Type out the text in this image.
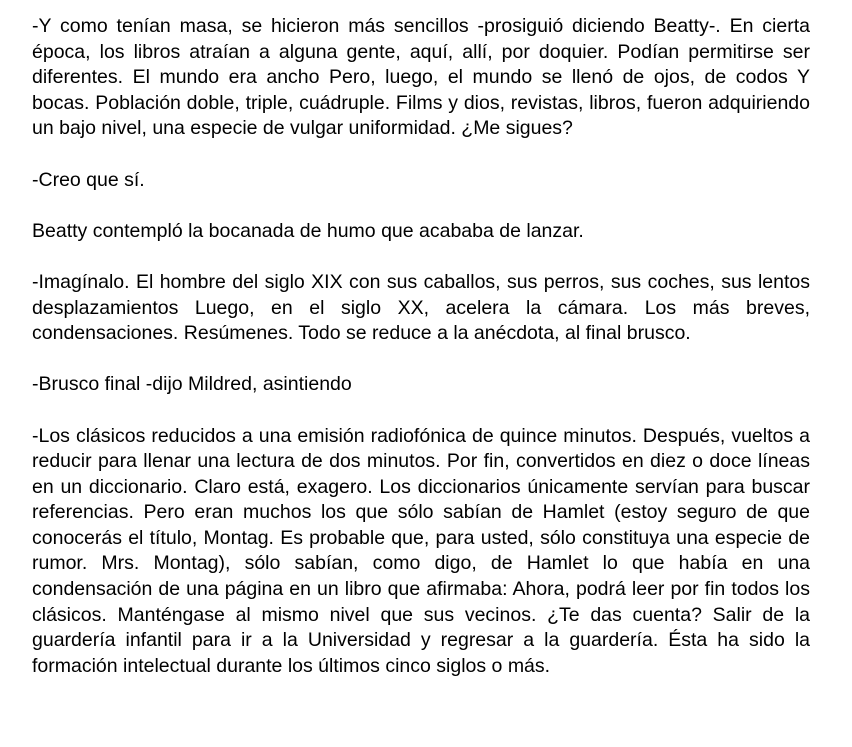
-Y como tenían masa, se hicieron más sencillos -prosiguió diciendo Beatty-. En cierta época, los libros atraían a alguna gente, aquí, allí, por doquier. Podían permitirse ser diferentes. El mundo era ancho Pero, luego, el mundo se llenó de ojos, de codos Y bocas. Población doble, triple, cuádruple. Films y dios, revistas, libros, fueron adquiriendo un bajo nivel, una especie de vulgar uniformidad. ¿Me sigues?

-Creo que sí.

Beatty contempló la bocanada de humo que acababa de lanzar.

-Imagínalo. El hombre del siglo XIX con sus caballos, sus perros, sus coches, sus lentos desplazamientos Luego, en el siglo XX, acelera la cámara. Los más breves, condensaciones. Resúmenes. Todo se reduce a la anécdota, al final brusco.

-Brusco final -dijo Mildred, asintiendo

-Los clásicos reducidos a una emisión radiofónica de quince minutos. Después, vueltos a reducir para llenar una lectura de dos minutos. Por fin, convertidos en diez o doce líneas en un diccionario. Claro está, exagero. Los diccionarios únicamente servían para buscar referencias. Pero eran muchos los que sólo sabían de Hamlet (estoy seguro de que conocerás el título, Montag. Es probable que, para usted, sólo constituya una especie de rumor. Mrs. Montag), sólo sabían, como digo, de Hamlet lo que había en una condensación de una página en un libro que afirmaba: Ahora, podrá leer por fin todos los clásicos. Manténgase al mismo nivel que sus vecinos. ¿Te das cuenta? Salir de la guardería infantil para ir a la Universidad y regresar a la guardería. Ésta ha sido la formación intelectual durante los últimos cinco siglos o más.
